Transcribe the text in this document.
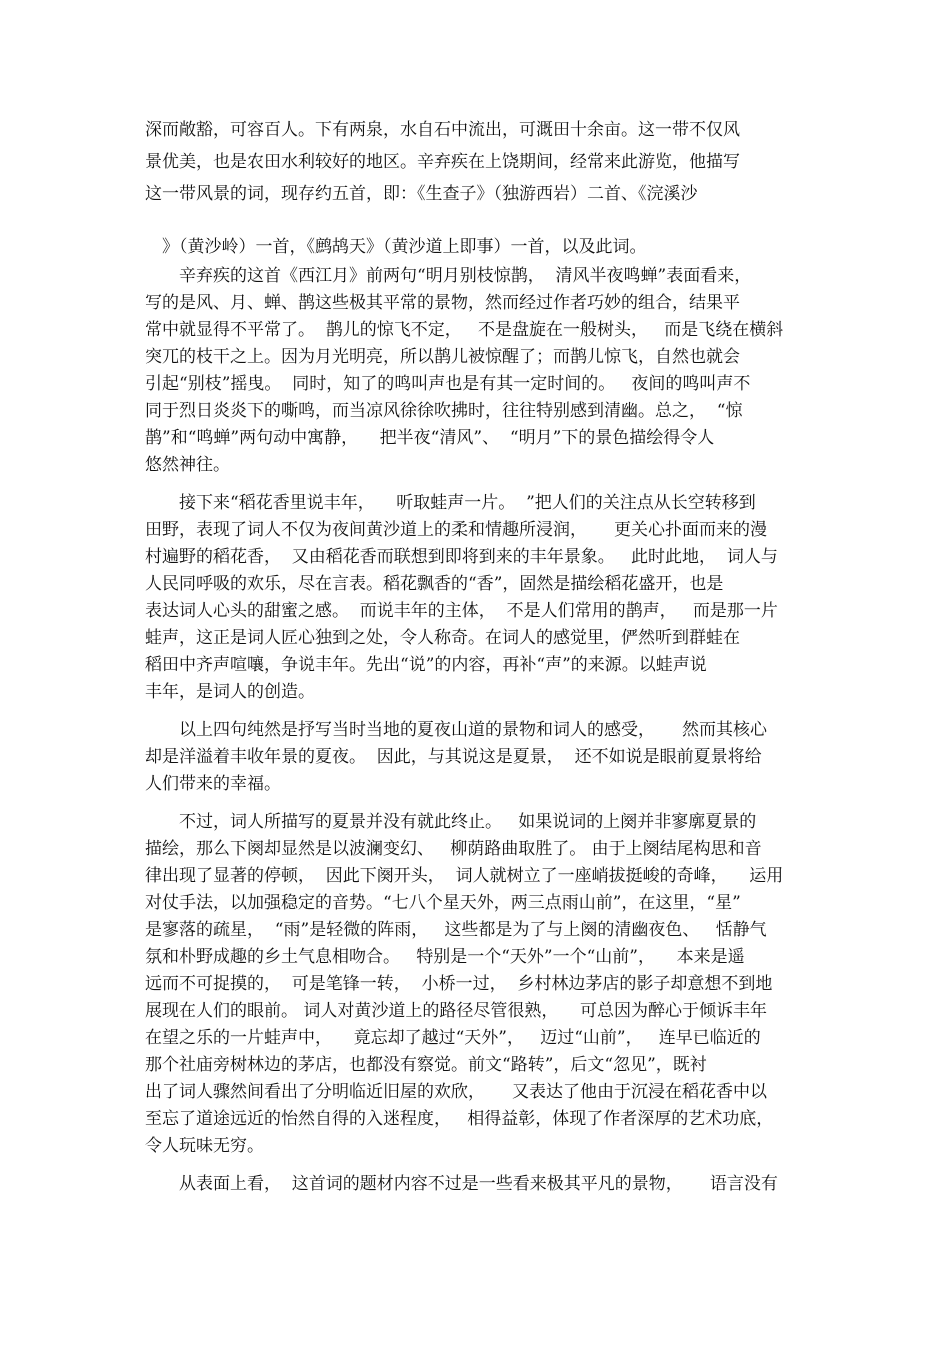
深而敞豁，可容百人。下有两泉，水自石中流出，可溉田十余亩。这一带不仅风
景优美，也是农田水利较好的地区。辛弃疾在上饶期间，经常来此游览，他描写
这一带风景的词，现存约五首，即：《生查子》（独游西岩）二首、《浣溪沙
》（黄沙岭）一首，《鹧鸪天》（黄沙道上即事）一首，以及此词。
辛弃疾的这首《西江月》前两句“明月别枝惊鹊，  清风半夜鸣蝉”表面看来，
写的是风、月、蝉、鹊这些极其平常的景物，然而经过作者巧妙的组合，结果平
常中就显得不平常了。  鹊儿的惊飞不定，   不是盘旋在一般树头，   而是飞绕在横斜
突兀的枝干之上。因为月光明亮，所以鹊儿被惊醒了；而鹊儿惊飞，自然也就会
引起“别枝”摇曳。  同时，知了的鸣叫声也是有其一定时间的。   夜间的鸣叫声不
同于烈日炎炎下的嘶鸣，而当凉风徐徐吹拂时，往往特别感到清幽。总之，  “惊
鹊”和“鸣蝉”两句动中寓静，    把半夜“清风”、  “明月”下的景色描绘得令人
悠然神往。
接下来“稻花香里说丰年，    听取蛙声一片。  ”把人们的关注点从长空转移到
田野，表现了词人不仅为夜间黄沙道上的柔和情趣所浸润，     更关心扑面而来的漫
村遍野的稻花香，  又由稻花香而联想到即将到来的丰年景象。   此时此地，  词人与
人民同呼吸的欢乐，尽在言表。稻花飘香的“香”，固然是描绘稻花盛开，也是
表达词人心头的甜蜜之感。  而说丰年的主体，  不是人们常用的鹊声，   而是那一片
蛙声，这正是词人匠心独到之处，令人称奇。在词人的感觉里，俨然听到群蛙在
稻田中齐声喧嚷，争说丰年。先出“说”的内容，再补“声”的来源。以蛙声说
丰年，是词人的创造。
以上四句纯然是抒写当时当地的夏夜山道的景物和词人的感受，     然而其核心
却是洋溢着丰收年景的夏夜。  因此，与其说这是夏景，  还不如说是眼前夏景将给
人们带来的幸福。
不过，词人所描写的夏景并没有就此终止。   如果说词的上阕并非寥廓夏景的
描绘，那么下阕却显然是以波澜变幻、   柳荫路曲取胜了。 由于上阕结尾构思和音
律出现了显著的停顿，  因此下阕开头，  词人就树立了一座峭拔挺峻的奇峰，    运用
对仗手法，以加强稳定的音势。“七八个星天外，两三点雨山前”，在这里，“星”
是寥落的疏星，  “雨”是轻微的阵雨，   这些都是为了与上阕的清幽夜色、   恬静气
氛和朴野成趣的乡土气息相吻合。   特别是一个“天外”一个“山前”，    本来是遥
远而不可捉摸的，  可是笔锋一转，  小桥一过，  乡村林边茅店的影子却意想不到地
展现在人们的眼前。 词人对黄沙道上的路径尽管很熟，    可总因为醉心于倾诉丰年
在望之乐的一片蛙声中，    竟忘却了越过“天外”，   迈过“山前”，   连早已临近的
那个社庙旁树林边的茅店，也都没有察觉。前文“路转”，后文“忽见”，既衬
出了词人骤然间看出了分明临近旧屋的欢欣，     又表达了他由于沉浸在稻花香中以
至忘了道途远近的怡然自得的入迷程度，   相得益彰，体现了作者深厚的艺术功底，
令人玩味无穷。
从表面上看，  这首词的题材内容不过是一些看来极其平凡的景物，     语言没有
